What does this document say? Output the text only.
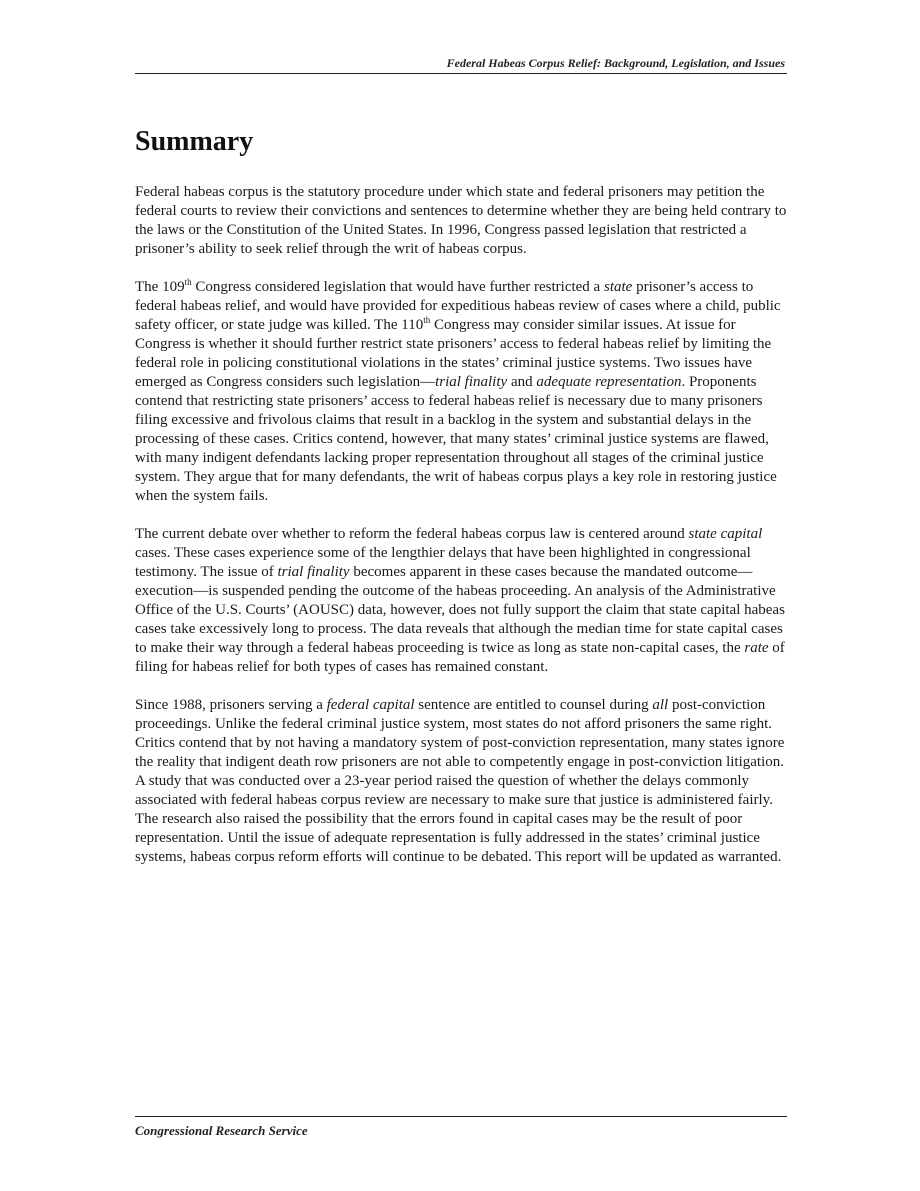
Federal Habeas Corpus Relief: Background, Legislation, and Issues
Summary

Federal habeas corpus is the statutory procedure under which state and federal prisoners may petition the federal courts to review their convictions and sentences to determine whether they are being held contrary to the laws or the Constitution of the United States. In 1996, Congress passed legislation that restricted a prisoner’s ability to seek relief through the writ of habeas corpus.

The 109th Congress considered legislation that would have further restricted a state prisoner’s access to federal habeas relief, and would have provided for expeditious habeas review of cases where a child, public safety officer, or state judge was killed. The 110th Congress may consider similar issues. At issue for Congress is whether it should further restrict state prisoners’ access to federal habeas relief by limiting the federal role in policing constitutional violations in the states’ criminal justice systems. Two issues have emerged as Congress considers such legislation—trial finality and adequate representation. Proponents contend that restricting state prisoners’ access to federal habeas relief is necessary due to many prisoners filing excessive and frivolous claims that result in a backlog in the system and substantial delays in the processing of these cases. Critics contend, however, that many states’ criminal justice systems are flawed, with many indigent defendants lacking proper representation throughout all stages of the criminal justice system. They argue that for many defendants, the writ of habeas corpus plays a key role in restoring justice when the system fails.

The current debate over whether to reform the federal habeas corpus law is centered around state capital cases. These cases experience some of the lengthier delays that have been highlighted in congressional testimony. The issue of trial finality becomes apparent in these cases because the mandated outcome—execution—is suspended pending the outcome of the habeas proceeding. An analysis of the Administrative Office of the U.S. Courts’ (AOUSC) data, however, does not fully support the claim that state capital habeas cases take excessively long to process. The data reveals that although the median time for state capital cases to make their way through a federal habeas proceeding is twice as long as state non-capital cases, the rate of filing for habeas relief for both types of cases has remained constant.

Since 1988, prisoners serving a federal capital sentence are entitled to counsel during all post-conviction proceedings. Unlike the federal criminal justice system, most states do not afford prisoners the same right. Critics contend that by not having a mandatory system of post-conviction representation, many states ignore the reality that indigent death row prisoners are not able to competently engage in post-conviction litigation. A study that was conducted over a 23-year period raised the question of whether the delays commonly associated with federal habeas corpus review are necessary to make sure that justice is administered fairly. The research also raised the possibility that the errors found in capital cases may be the result of poor representation. Until the issue of adequate representation is fully addressed in the states’ criminal justice systems, habeas corpus reform efforts will continue to be debated. This report will be updated as warranted.

Congressional Research Service
